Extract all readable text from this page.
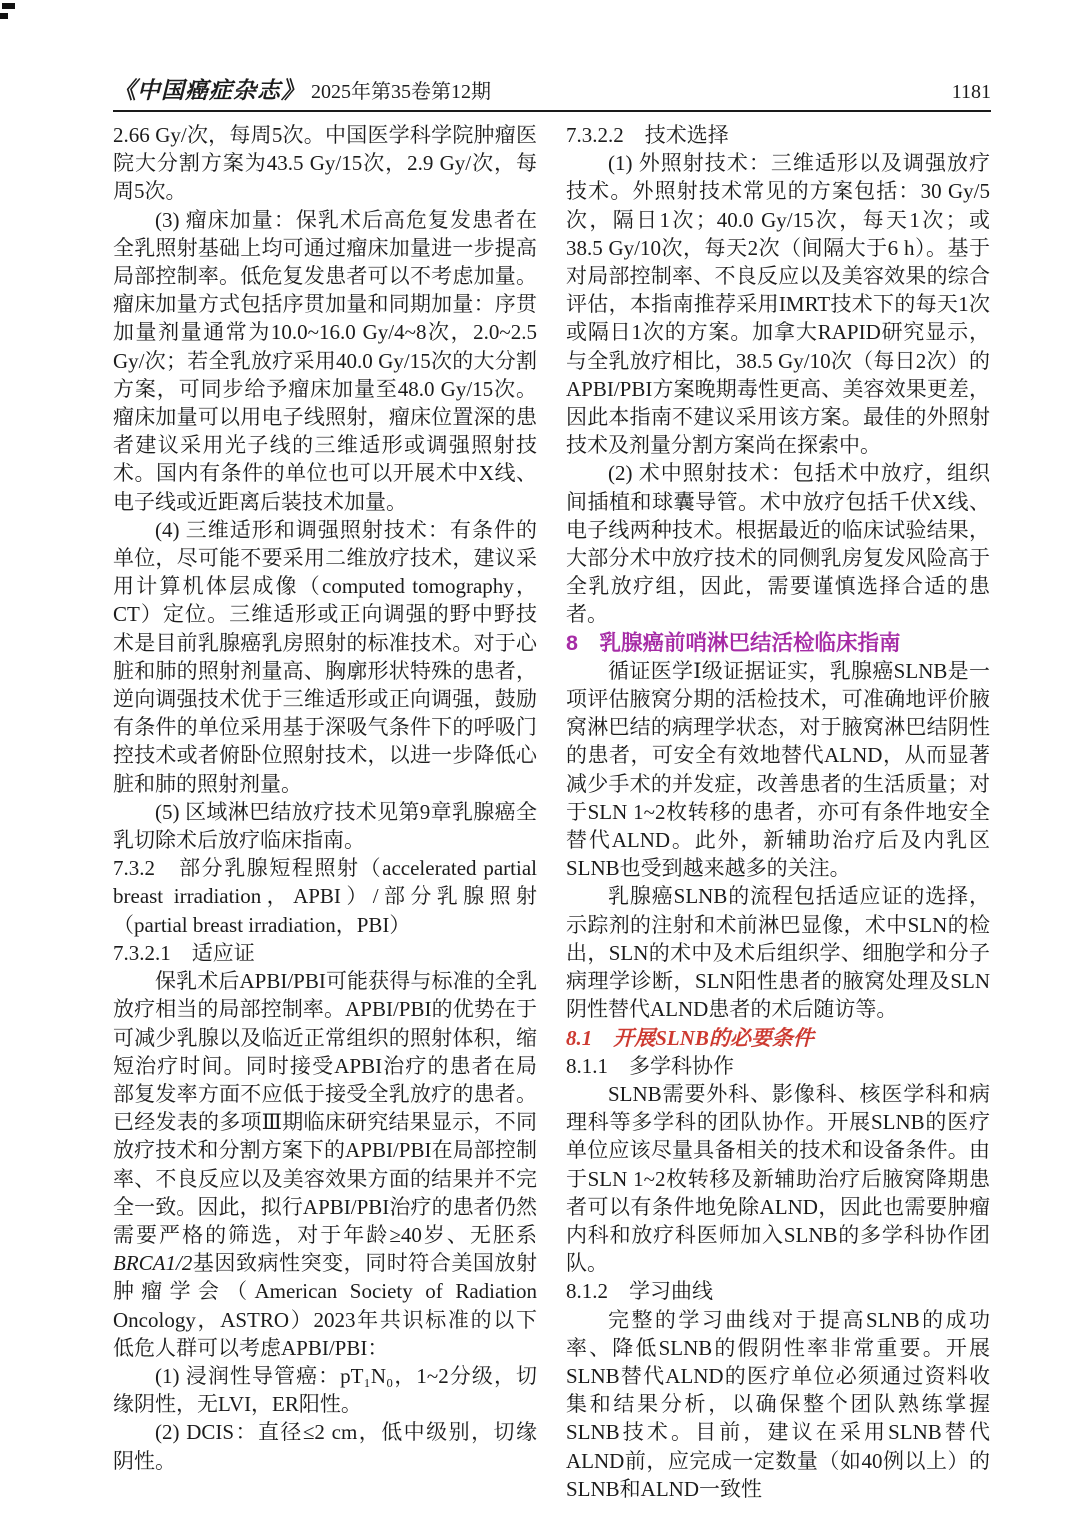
《中国癌症杂志》 2025年第35卷第12期	1181

2.66 Gy/次，每周5次。中国医学科学院肿瘤医院大分割方案为43.5 Gy/15次，2.9 Gy/次，每周5次。

(3) 瘤床加量：保乳术后高危复发患者在全乳照射基础上均可通过瘤床加量进一步提高局部控制率。低危复发患者可以不考虑加量。瘤床加量方式包括序贯加量和同期加量：序贯加量剂量通常为10.0~16.0 Gy/4~8次，2.0~2.5 Gy/次；若全乳放疗采用40.0 Gy/15次的大分割方案，可同步给予瘤床加量至48.0 Gy/15次。瘤床加量可以用电子线照射，瘤床位置深的患者建议采用光子线的三维适形或调强照射技术。国内有条件的单位也可以开展术中X线、电子线或近距离后装技术加量。

(4) 三维适形和调强照射技术：有条件的单位，尽可能不要采用二维放疗技术，建议采用计算机体层成像（computed tomography，CT）定位。三维适形或正向调强的野中野技术是目前乳腺癌乳房照射的标准技术。对于心脏和肺的照射剂量高、胸廓形状特殊的患者，逆向调强技术优于三维适形或正向调强，鼓励有条件的单位采用基于深吸气条件下的呼吸门控技术或者俯卧位照射技术，以进一步降低心脏和肺的照射剂量。

(5) 区域淋巴结放疗技术见第9章乳腺癌全乳切除术后放疗临床指南。

7.3.2　部分乳腺短程照射（accelerated partial breast irradiation，APBI）/部分乳腺照射（partial breast irradiation，PBI）

7.3.2.1　适应证

保乳术后APBI/PBI可能获得与标准的全乳放疗相当的局部控制率。APBI/PBI的优势在于可减少乳腺以及临近正常组织的照射体积，缩短治疗时间。同时接受APBI治疗的患者在局部复发率方面不应低于接受全乳放疗的患者。已经发表的多项Ⅲ期临床研究结果显示，不同放疗技术和分割方案下的APBI/PBI在局部控制率、不良反应以及美容效果方面的结果并不完全一致。因此，拟行APBI/PBI治疗的患者仍然需要严格的筛选，对于年龄≥40岁、无胚系BRCA1/2基因致病性突变，同时符合美国放射肿瘤学会（American Society of Radiation Oncology，ASTRO）2023年共识标准的以下低危人群可以考虑APBI/PBI：

(1) 浸润性导管癌：pT₁N₀，1~2分级，切缘阴性，无LVI，ER阳性。

(2) DCIS：直径≤2 cm，低中级别，切缘阴性。

7.3.2.2　技术选择

(1) 外照射技术：三维适形以及调强放疗技术。外照射技术常见的方案包括：30 Gy/5次，隔日1次；40.0 Gy/15次，每天1次；或38.5 Gy/10次，每天2次（间隔大于6 h）。基于对局部控制率、不良反应以及美容效果的综合评估，本指南推荐采用IMRT技术下的每天1次或隔日1次的方案。加拿大RAPID研究显示，与全乳放疗相比，38.5 Gy/10次（每日2次）的APBI/PBI方案晚期毒性更高、美容效果更差，因此本指南不建议采用该方案。最佳的外照射技术及剂量分割方案尚在探索中。

(2) 术中照射技术：包括术中放疗，组织间插植和球囊导管。术中放疗包括千伏X线、电子线两种技术。根据最近的临床试验结果，大部分术中放疗技术的同侧乳房复发风险高于全乳放疗组，因此，需要谨慎选择合适的患者。

8　乳腺癌前哨淋巴结活检临床指南

循证医学Ⅰ级证据证实，乳腺癌SLNB是一项评估腋窝分期的活检技术，可准确地评价腋窝淋巴结的病理学状态，对于腋窝淋巴结阴性的患者，可安全有效地替代ALND，从而显著减少手术的并发症，改善患者的生活质量；对于SLN 1~2枚转移的患者，亦可有条件地安全替代ALND。此外，新辅助治疗后及内乳区SLNB也受到越来越多的关注。

乳腺癌SLNB的流程包括适应证的选择，示踪剂的注射和术前淋巴显像，术中SLN的检出，SLN的术中及术后组织学、细胞学和分子病理学诊断，SLN阳性患者的腋窝处理及SLN阴性替代ALND患者的术后随访等。

8.1　开展SLNB的必要条件

8.1.1　多学科协作

SLNB需要外科、影像科、核医学科和病理科等多学科的团队协作。开展SLNB的医疗单位应该尽量具备相关的技术和设备条件。由于SLN 1~2枚转移及新辅助治疗后腋窝降期患者可以有条件地免除ALND，因此也需要肿瘤内科和放疗科医师加入SLNB的多学科协作团队。

8.1.2　学习曲线

完整的学习曲线对于提高SLNB的成功率、降低SLNB的假阴性率非常重要。开展SLNB替代ALND的医疗单位必须通过资料收集和结果分析，以确保整个团队熟练掌握SLNB技术。目前，建议在采用SLNB替代ALND前，应完成一定数量（如40例以上）的SLNB和ALND一致性
